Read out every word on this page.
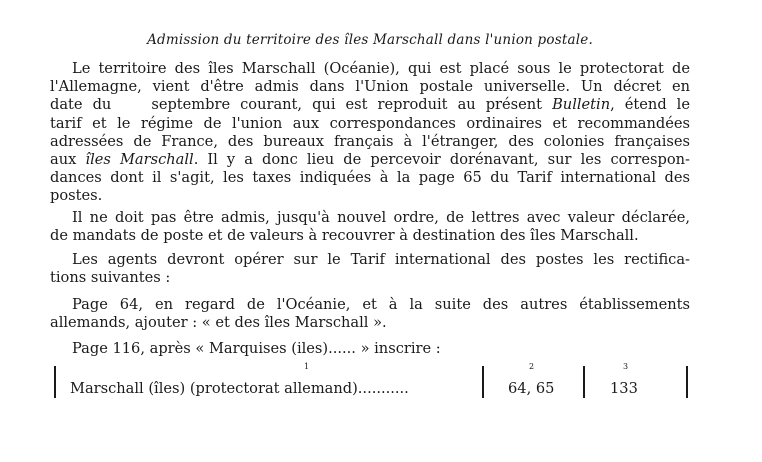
Admission du territoire des îles Marschall dans l'union postale.
Le territoire des îles Marschall (Océanie), qui est placé sous le protectorat de
l'Allemagne, vient d'être admis dans l'Union postale universelle. Un décret en
date du	septembre courant, qui est reproduit au présent Bulletin, étend le
tarif et le régime de l'union aux correspondances ordinaires et recommandées
adressées de France, des bureaux français à l'étranger, des colonies françaises
aux îles Marschall. Il y a donc lieu de percevoir dorénavant, sur les correspon-
dances dont il s'agit, les taxes indiquées à la page 65 du Tarif international des
postes.
Il ne doit pas être admis, jusqu'à nouvel ordre, de lettres avec valeur déclarée,
de mandats de poste et de valeurs à recouvrer à destination des îles Marschall.
Les agents devront opérer sur le Tarif international des postes les rectifica-
tions suivantes :
Page 64, en regard de l'Océanie, et à la suite des autres établissements
allemands, ajouter : « et des îles Marschall ».
Page 116, après « Marquises (iles)...... » inscrire :
1
Marschall (îles) (protectorat allemand)...........
2
64, 65
3
133
